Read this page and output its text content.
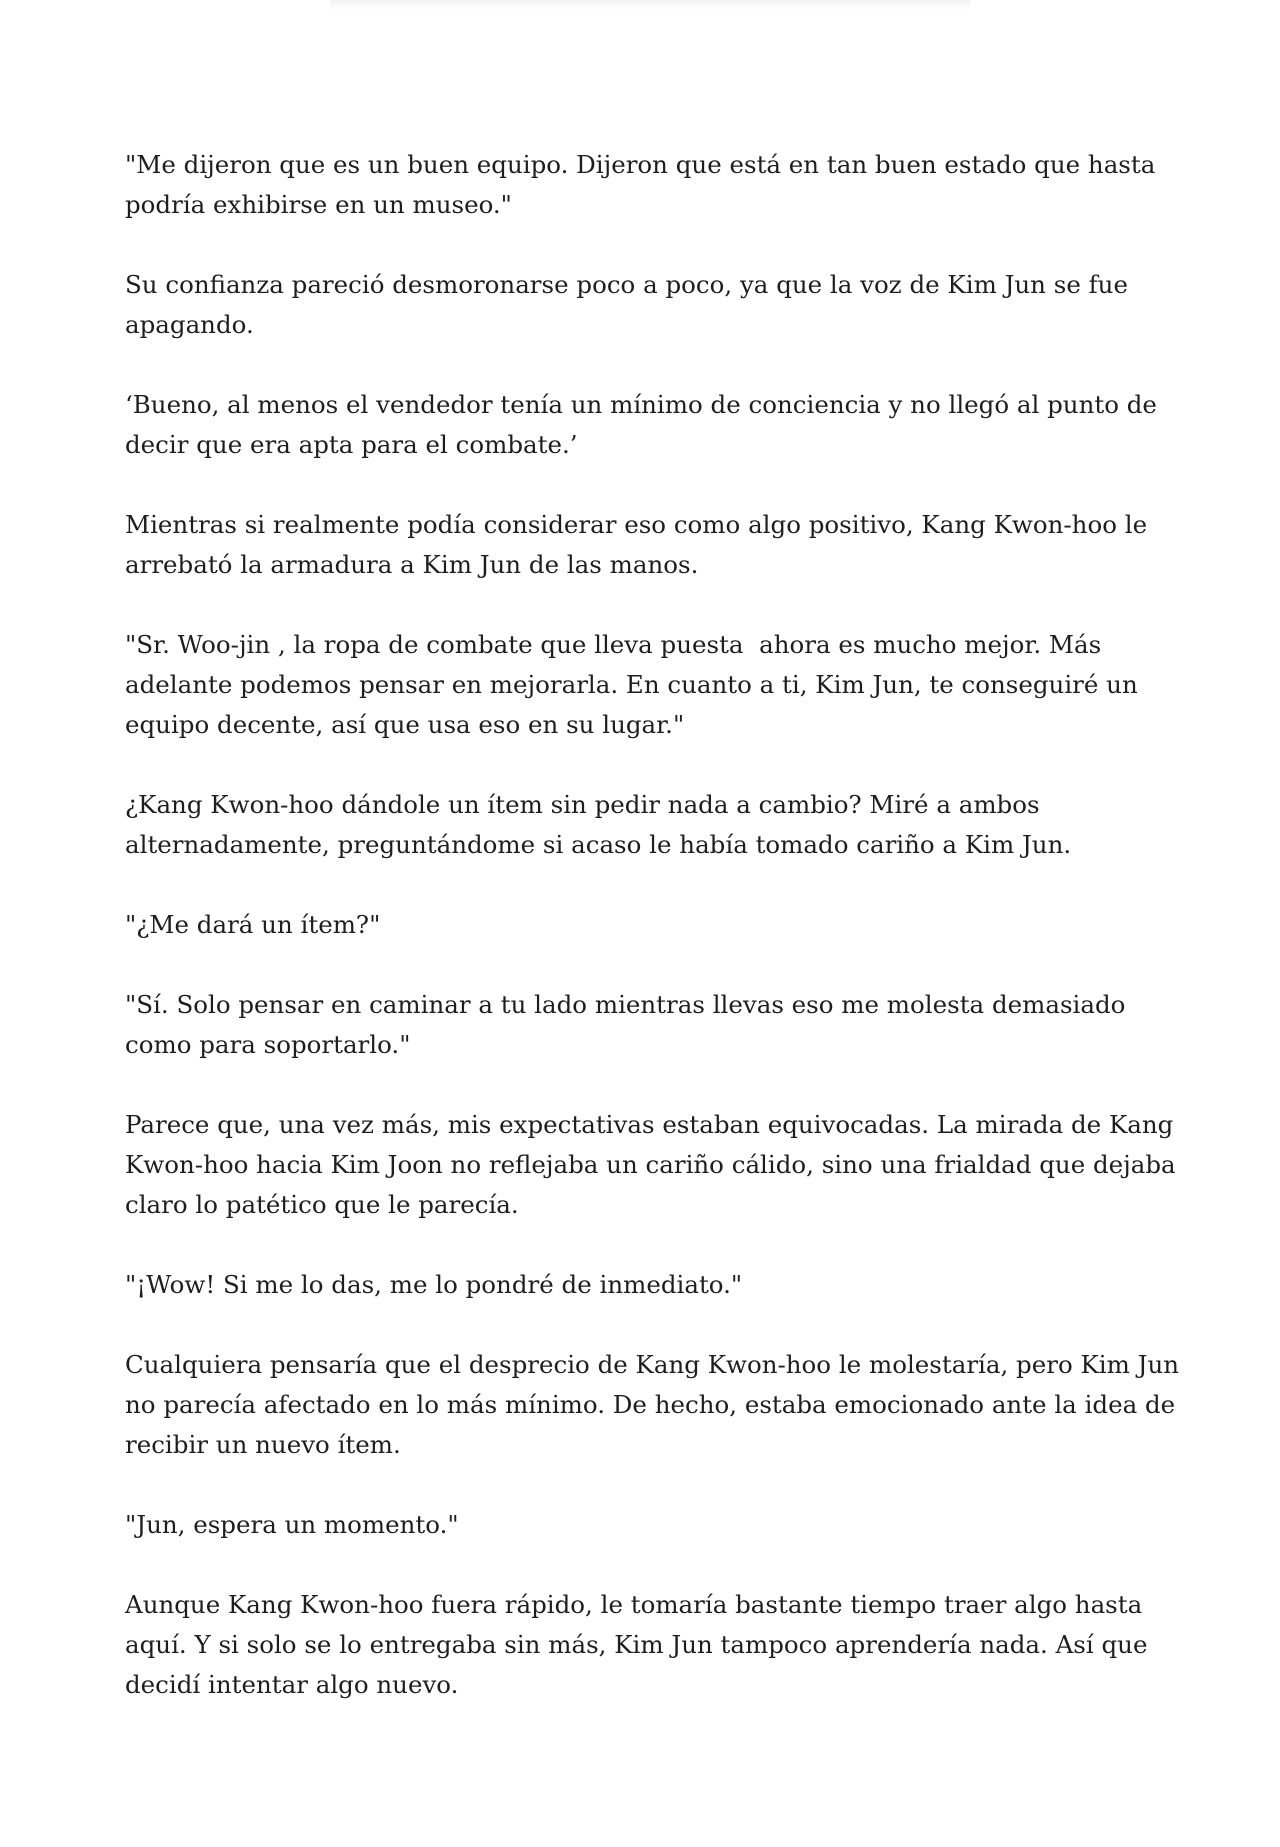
"Me dijeron que es un buen equipo. Dijeron que está en tan buen estado que hasta podría exhibirse en un museo."

Su confianza pareció desmoronarse poco a poco, ya que la voz de Kim Jun se fue apagando.

‘Bueno, al menos el vendedor tenía un mínimo de conciencia y no llegó al punto de decir que era apta para el combate.’

Mientras si realmente podía considerar eso como algo positivo, Kang Kwon-hoo le arrebató la armadura a Kim Jun de las manos.

"Sr. Woo-jin , la ropa de combate que lleva puesta  ahora es mucho mejor. Más adelante podemos pensar en mejorarla. En cuanto a ti, Kim Jun, te conseguiré un equipo decente, así que usa eso en su lugar."

¿Kang Kwon-hoo dándole un ítem sin pedir nada a cambio? Miré a ambos alternadamente, preguntándome si acaso le había tomado cariño a Kim Jun.

"¿Me dará un ítem?"

"Sí. Solo pensar en caminar a tu lado mientras llevas eso me molesta demasiado como para soportarlo."

Parece que, una vez más, mis expectativas estaban equivocadas. La mirada de Kang Kwon-hoo hacia Kim Joon no reflejaba un cariño cálido, sino una frialdad que dejaba claro lo patético que le parecía.

"¡Wow! Si me lo das, me lo pondré de inmediato."

Cualquiera pensaría que el desprecio de Kang Kwon-hoo le molestaría, pero Kim Jun no parecía afectado en lo más mínimo. De hecho, estaba emocionado ante la idea de recibir un nuevo ítem.

"Jun, espera un momento."

Aunque Kang Kwon-hoo fuera rápido, le tomaría bastante tiempo traer algo hasta aquí. Y si solo se lo entregaba sin más, Kim Jun tampoco aprendería nada. Así que decidí intentar algo nuevo.
